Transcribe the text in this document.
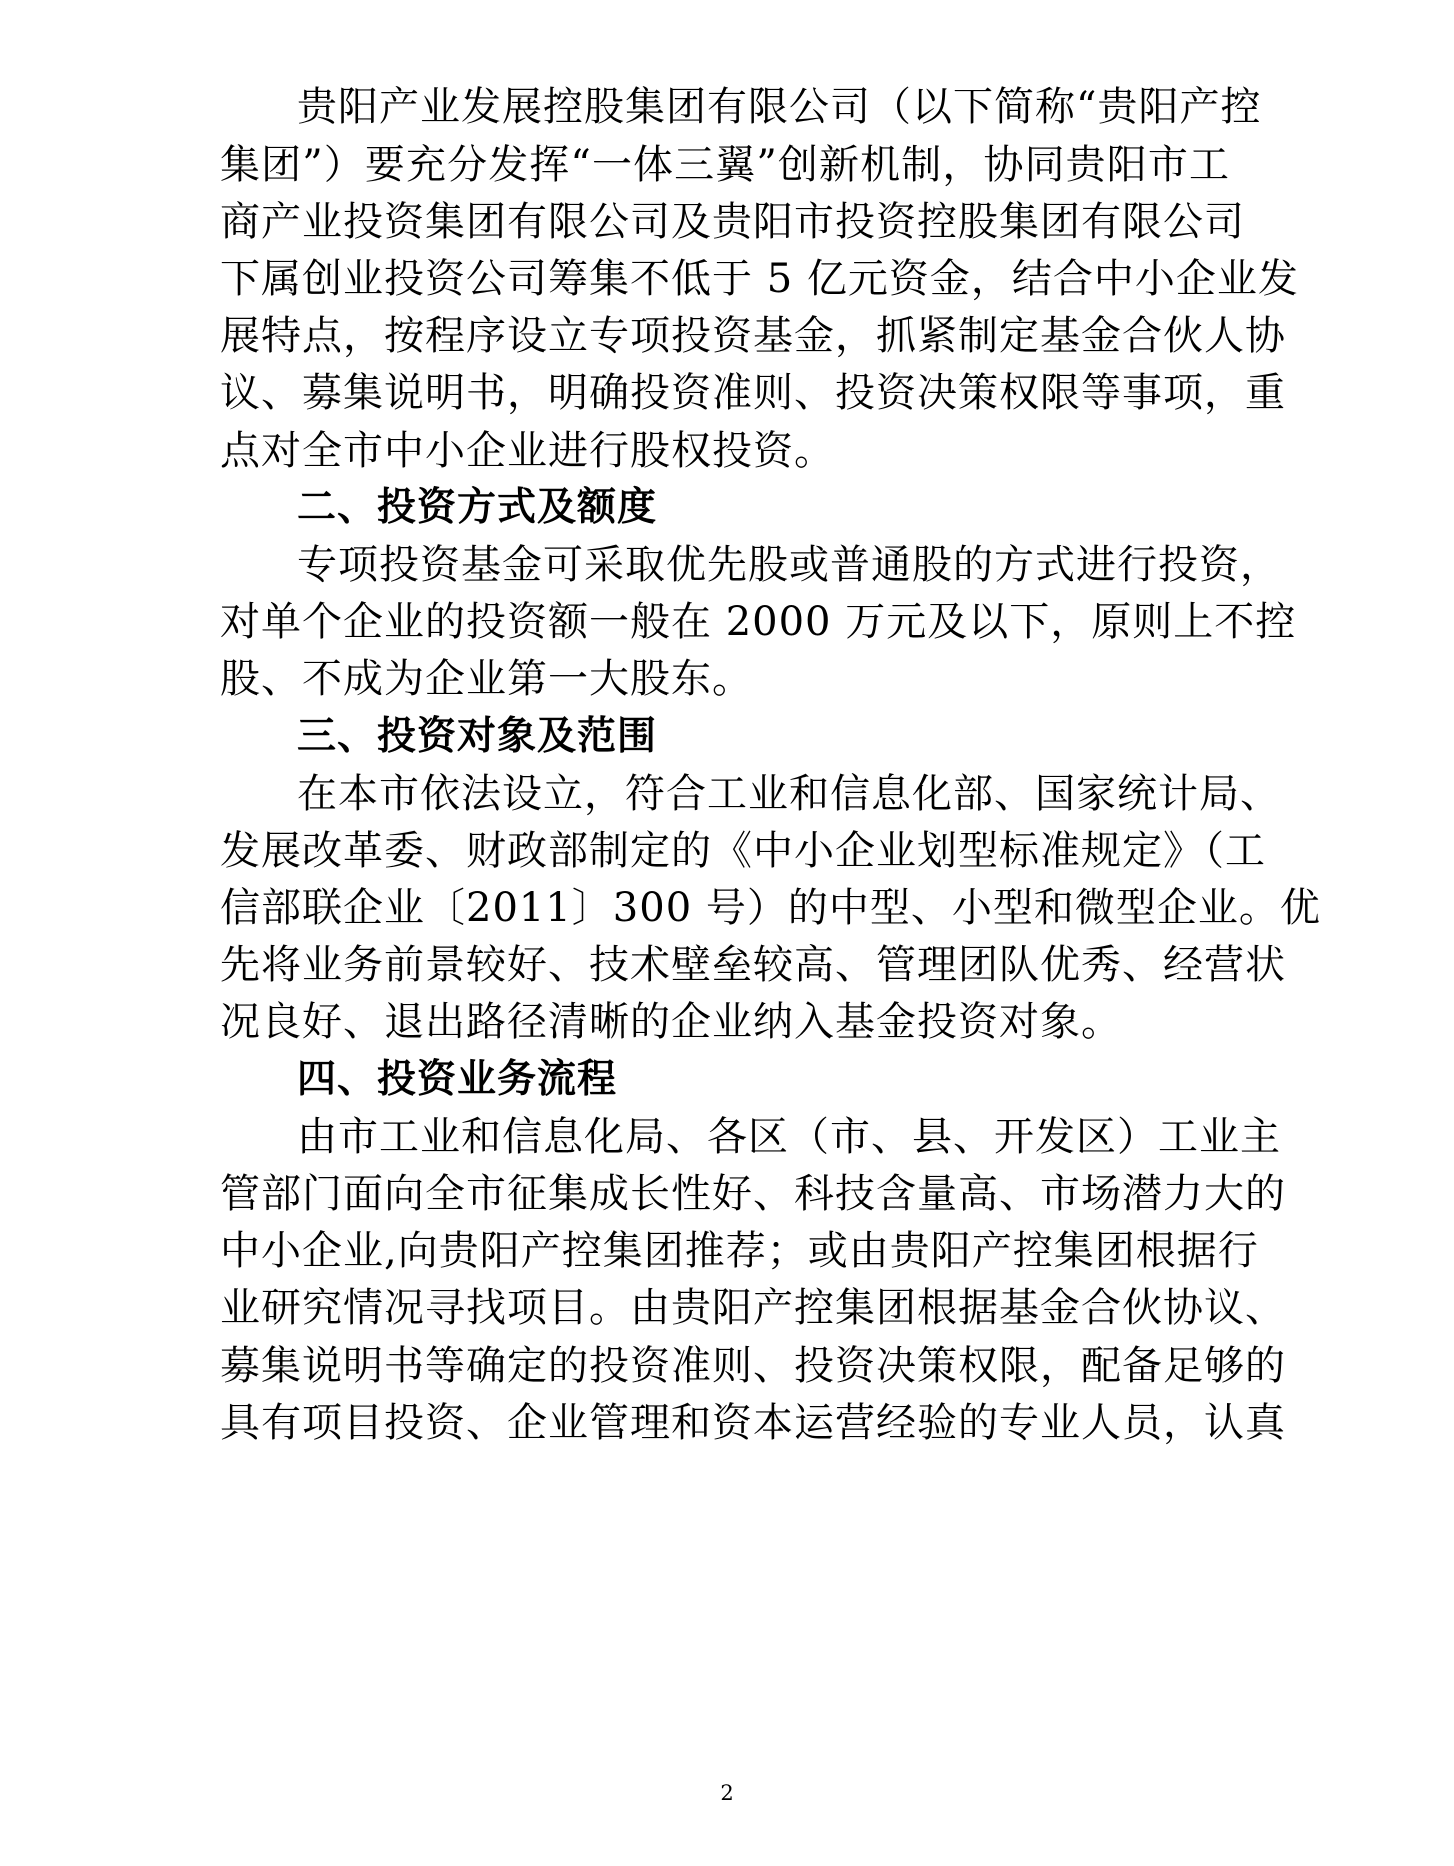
贵阳产业发展控股集团有限公司（以下简称“贵阳产控
集团”）要充分发挥“一体三翼”创新机制，协同贵阳市工
商产业投资集团有限公司及贵阳市投资控股集团有限公司
下属创业投资公司筹集不低于 5 亿元资金，结合中小企业发
展特点，按程序设立专项投资基金，抓紧制定基金合伙人协
议、募集说明书，明确投资准则、投资决策权限等事项，重
点对全市中小企业进行股权投资。
二、投资方式及额度
专项投资基金可采取优先股或普通股的方式进行投资，
对单个企业的投资额一般在 2000 万元及以下，原则上不控
股、不成为企业第一大股东。
三、投资对象及范围
在本市依法设立，符合工业和信息化部、国家统计局、
发展改革委、财政部制定的《中小企业划型标准规定》（工
信部联企业〔2011〕300 号）的中型、小型和微型企业。优
先将业务前景较好、技术壁垒较高、管理团队优秀、经营状
况良好、退出路径清晰的企业纳入基金投资对象。
四、投资业务流程
由市工业和信息化局、各区（市、县、开发区）工业主
管部门面向全市征集成长性好、科技含量高、市场潜力大的
中小企业,向贵阳产控集团推荐；或由贵阳产控集团根据行
业研究情况寻找项目。由贵阳产控集团根据基金合伙协议、
募集说明书等确定的投资准则、投资决策权限，配备足够的
具有项目投资、企业管理和资本运营经验的专业人员，认真
2
